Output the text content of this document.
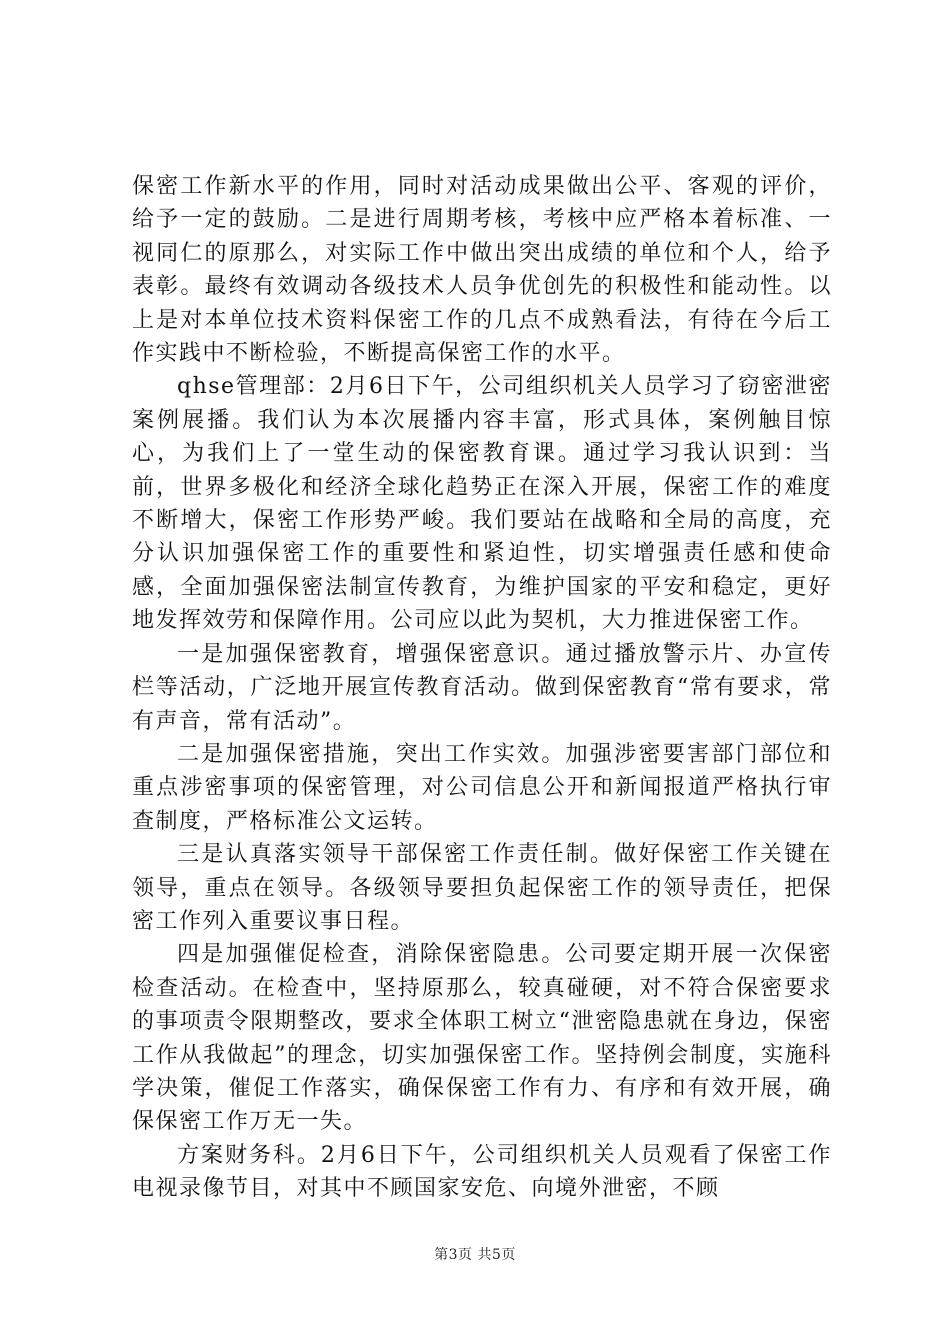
保密工作新水平的作用，同时对活动成果做出公平、客观的评价，给予一定的鼓励。二是进行周期考核，考核中应严格本着标准、一视同仁的原那么，对实际工作中做出突出成绩的单位和个人，给予表彰。最终有效调动各级技术人员争优创先的积极性和能动性。以上是对本单位技术资料保密工作的几点不成熟看法，有待在今后工作实践中不断检验，不断提高保密工作的水平。

qhse管理部：2月6日下午，公司组织机关人员学习了窃密泄密案例展播。我们认为本次展播内容丰富，形式具体，案例触目惊心，为我们上了一堂生动的保密教育课。通过学习我认识到：当前，世界多极化和经济全球化趋势正在深入开展，保密工作的难度不断增大，保密工作形势严峻。我们要站在战略和全局的高度，充分认识加强保密工作的重要性和紧迫性，切实增强责任感和使命感，全面加强保密法制宣传教育，为维护国家的平安和稳定，更好地发挥效劳和保障作用。公司应以此为契机，大力推进保密工作。

一是加强保密教育，增强保密意识。通过播放警示片、办宣传栏等活动，广泛地开展宣传教育活动。做到保密教育“常有要求，常有声音，常有活动”。

二是加强保密措施，突出工作实效。加强涉密要害部门部位和重点涉密事项的保密管理，对公司信息公开和新闻报道严格执行审查制度，严格标准公文运转。

三是认真落实领导干部保密工作责任制。做好保密工作关键在领导，重点在领导。各级领导要担负起保密工作的领导责任，把保密工作列入重要议事日程。

四是加强催促检查，消除保密隐患。公司要定期开展一次保密检查活动。在检查中，坚持原那么，较真碰硬，对不符合保密要求的事项责令限期整改，要求全体职工树立“泄密隐患就在身边，保密工作从我做起”的理念，切实加强保密工作。坚持例会制度，实施科学决策，催促工作落实，确保保密工作有力、有序和有效开展，确保保密工作万无一失。

方案财务科。2月6日下午，公司组织机关人员观看了保密工作电视录像节目，对其中不顾国家安危、向境外泄密，不顾

第3页 共5页
